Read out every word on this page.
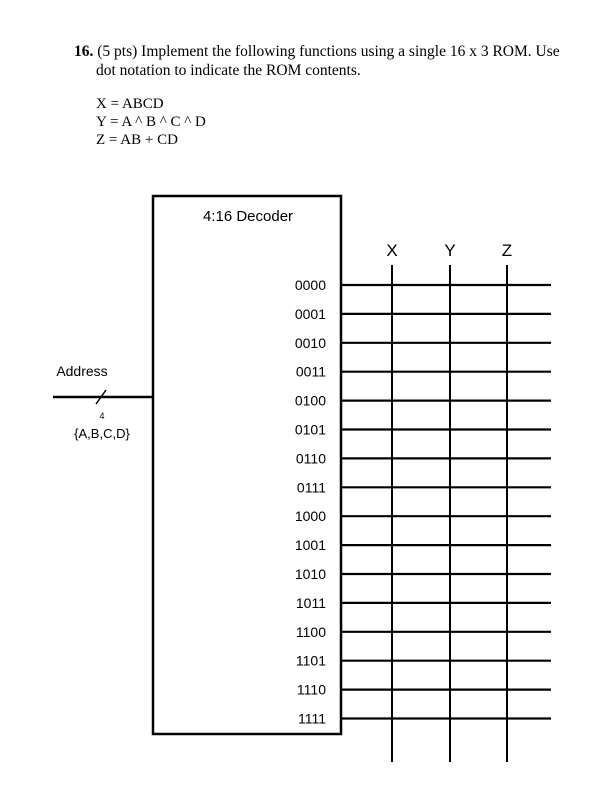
16. (5 pts) Implement the following functions using a single 16 x 3 ROM. Use
dot notation to indicate the ROM contents.
X = ABCD
Y = A ^ B ^ C ^ D
Z = AB + CD
4:16 Decoder
Address
4
{A,B,C,D}
X	Y	Z
0000
0001
0010
0011
0100
0101
0110
0111
1000
1001
1010
1011
1100
1101
1110
1111
